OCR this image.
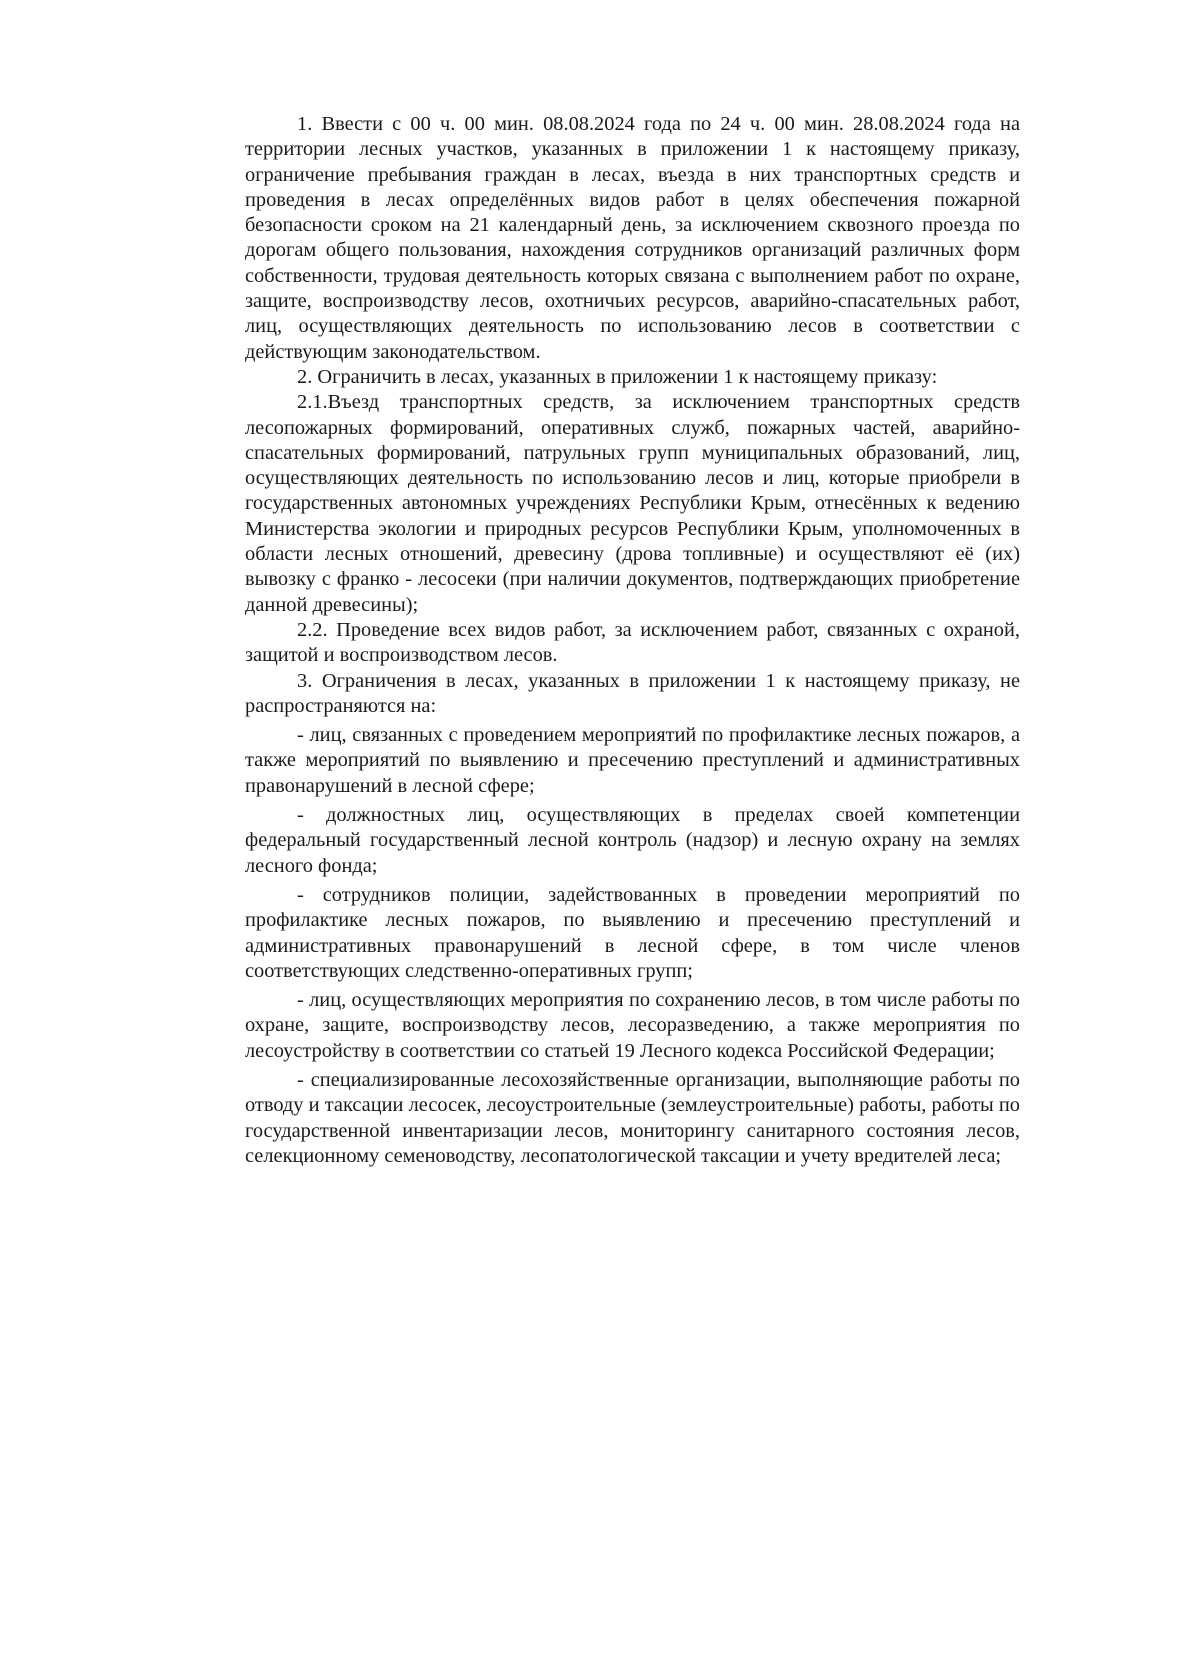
1. Ввести с 00 ч. 00 мин. 08.08.2024 года по 24 ч. 00 мин. 28.08.2024 года на территории лесных участков, указанных в приложении 1 к настоящему приказу, ограничение пребывания граждан в лесах, въезда в них транспортных средств и проведения в лесах определённых видов работ в целях обеспечения пожарной безопасности сроком на 21 календарный день, за исключением сквозного проезда по дорогам общего пользования, нахождения сотрудников организаций различных форм собственности, трудовая деятельность которых связана с выполнением работ по охране, защите, воспроизводству лесов, охотничьих ресурсов, аварийно-спасательных работ, лиц, осуществляющих деятельность по использованию лесов в соответствии с действующим законодательством.

2. Ограничить в лесах, указанных в приложении 1 к настоящему приказу:

2.1.Въезд транспортных средств, за исключением транспортных средств лесопожарных формирований, оперативных служб, пожарных частей, аварийно-спасательных формирований, патрульных групп муниципальных образований, лиц, осуществляющих деятельность по использованию лесов и лиц, которые приобрели в государственных автономных учреждениях Республики Крым, отнесённых к ведению Министерства экологии и природных ресурсов Республики Крым, уполномоченных в области лесных отношений, древесину (дрова топливные) и осуществляют её (их) вывозку с франко - лесосеки (при наличии документов, подтверждающих приобретение данной древесины);

2.2. Проведение всех видов работ, за исключением работ, связанных с охраной, защитой и воспроизводством лесов.

3. Ограничения в лесах, указанных в приложении 1 к настоящему приказу, не распространяются на:

- лиц, связанных с проведением мероприятий по профилактике лесных пожаров, а также мероприятий по выявлению и пресечению преступлений и административных правонарушений в лесной сфере;

- должностных лиц, осуществляющих в пределах своей компетенции федеральный государственный лесной контроль (надзор) и лесную охрану на землях лесного фонда;

- сотрудников полиции, задействованных в проведении мероприятий по профилактике лесных пожаров, по выявлению и пресечению преступлений и административных правонарушений в лесной сфере, в том числе членов соответствующих следственно-оперативных групп;

- лиц, осуществляющих мероприятия по сохранению лесов, в том числе работы по охране, защите, воспроизводству лесов, лесоразведению, а также мероприятия по лесоустройству в соответствии со статьей 19 Лесного кодекса Российской Федерации;

- специализированные лесохозяйственные организации, выполняющие работы по отводу и таксации лесосек, лесоустроительные (землеустроительные) работы, работы по государственной инвентаризации лесов, мониторингу санитарного состояния лесов, селекционному семеноводству, лесопатологической таксации и учету вредителей леса;
